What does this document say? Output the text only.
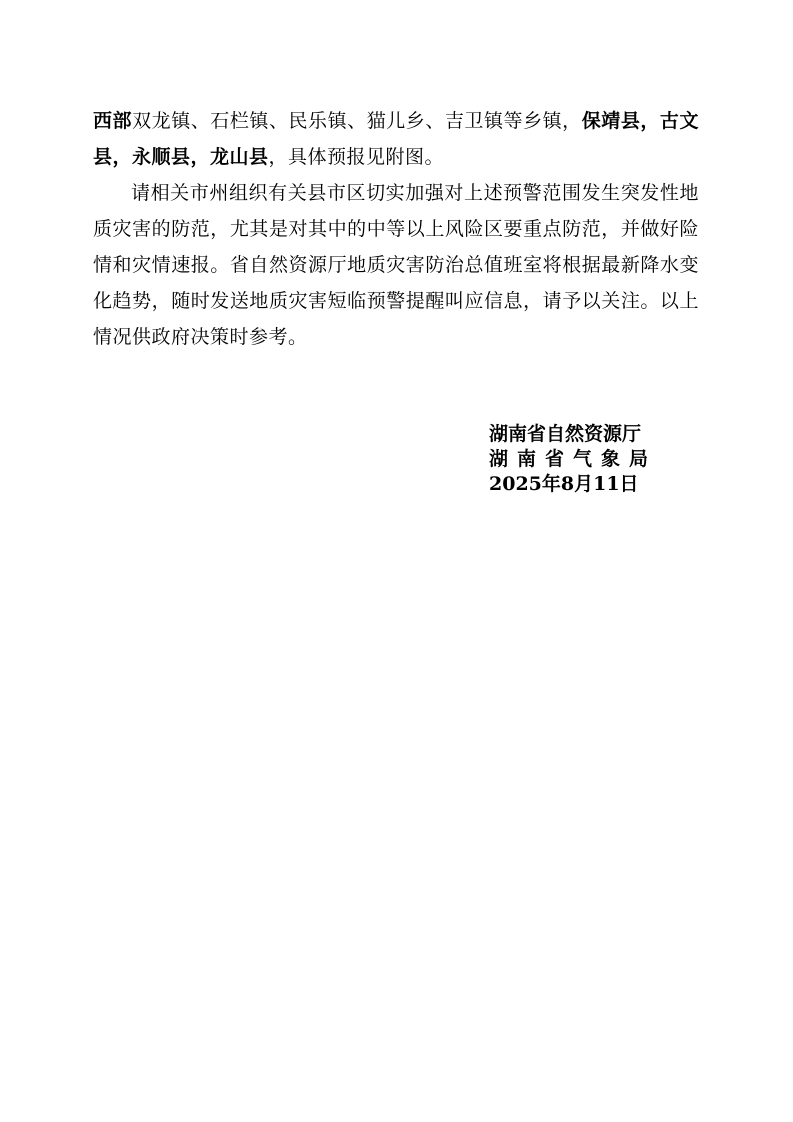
西部双龙镇、石栏镇、民乐镇、猫儿乡、吉卫镇等乡镇，保靖县，古文县，永顺县，龙山县，具体预报见附图。

请相关市州组织有关县市区切实加强对上述预警范围发生突发性地质灾害的防范，尤其是对其中的中等以上风险区要重点防范，并做好险情和灾情速报。省自然资源厅地质灾害防治总值班室将根据最新降水变化趋势，随时发送地质灾害短临预警提醒叫应信息，请予以关注。以上情况供政府决策时参考。

湖南省自然资源厅
湖南省气象局
2025年8月11日
